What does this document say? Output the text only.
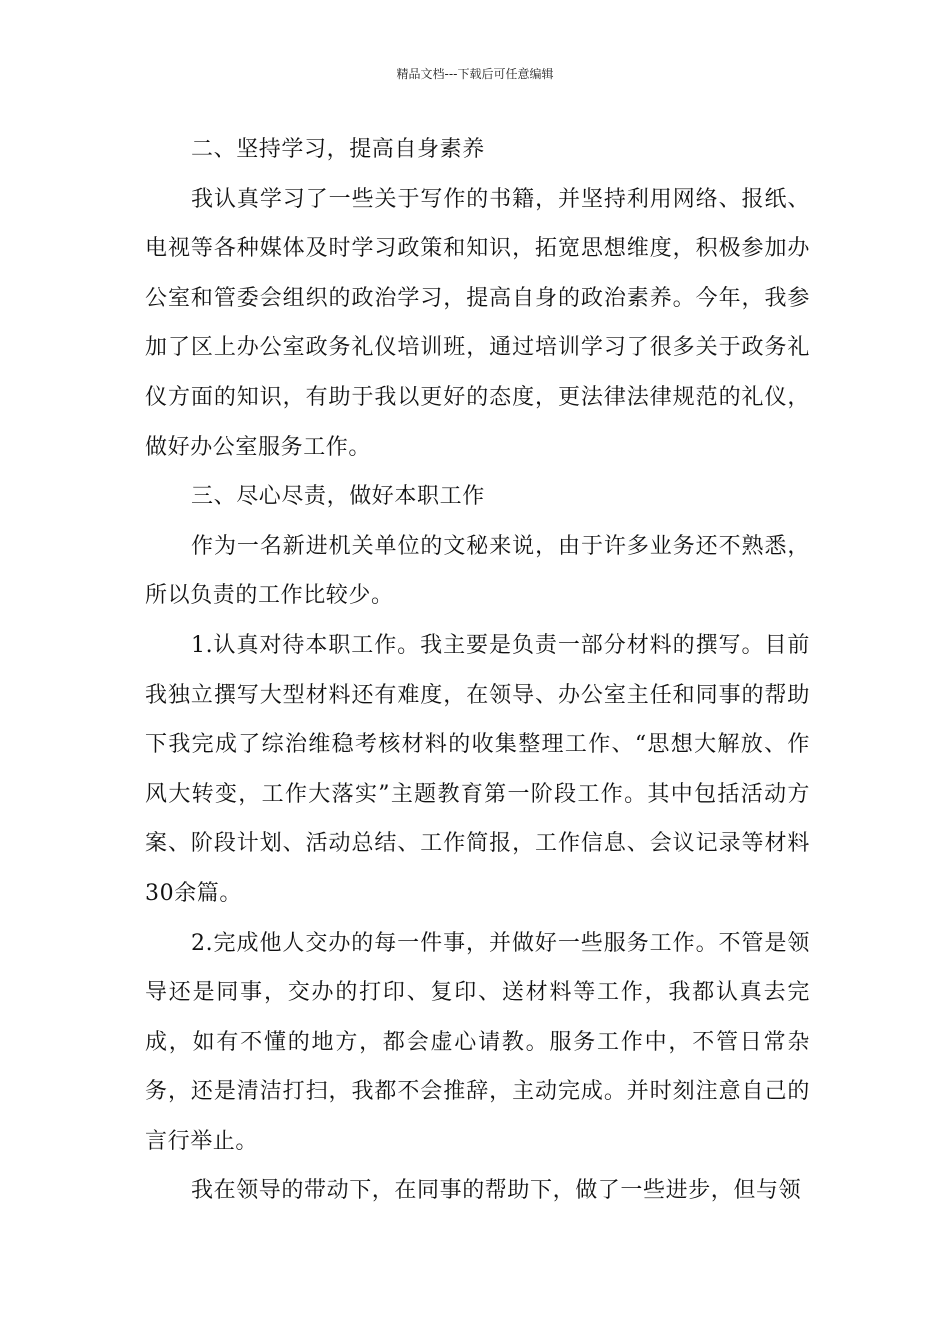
精品文档---下载后可任意编辑

二、坚持学习，提高自身素养

我认真学习了一些关于写作的书籍，并坚持利用网络、报纸、电视等各种媒体及时学习政策和知识，拓宽思想维度，积极参加办公室和管委会组织的政治学习，提高自身的政治素养。今年，我参加了区上办公室政务礼仪培训班，通过培训学习了很多关于政务礼仪方面的知识，有助于我以更好的态度，更法律法律规范的礼仪，做好办公室服务工作。

三、尽心尽责，做好本职工作

作为一名新进机关单位的文秘来说，由于许多业务还不熟悉，所以负责的工作比较少。

1.认真对待本职工作。我主要是负责一部分材料的撰写。目前我独立撰写大型材料还有难度，在领导、办公室主任和同事的帮助下我完成了综治维稳考核材料的收集整理工作、“思想大解放、作风大转变，工作大落实”主题教育第一阶段工作。其中包括活动方案、阶段计划、活动总结、工作简报，工作信息、会议记录等材料30余篇。

2.完成他人交办的每一件事，并做好一些服务工作。不管是领导还是同事，交办的打印、复印、送材料等工作，我都认真去完成，如有不懂的地方，都会虚心请教。服务工作中，不管日常杂务，还是清洁打扫，我都不会推辞，主动完成。并时刻注意自己的言行举止。

我在领导的带动下，在同事的帮助下，做了一些进步，但与领
